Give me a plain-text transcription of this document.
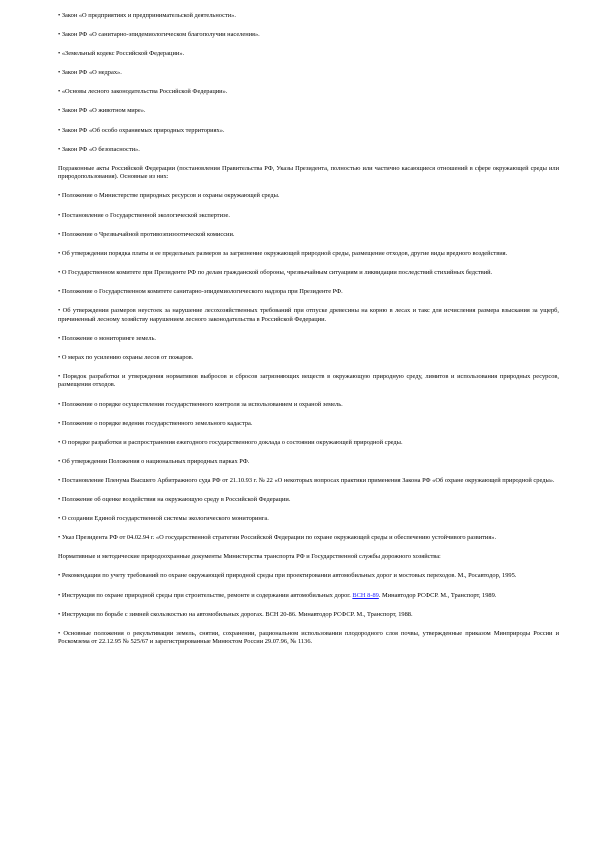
• Закон «О предприятиях и предпринимательской деятельности».

• Закон РФ «О санитарно-эпидемиологическом благополучии населения».

• «Земельный кодекс Российской Федерации».

• Закон РФ «О недрах».

• «Основы лесного законодательства Российской Федерации».

• Закон РФ «О животном мире».

• Закон РФ «Об особо охраняемых природных территориях».

• Закон РФ «О безопасности».

Подзаконные акты Российской Федерации (постановления Правительства РФ, Указы Президента, полностью или частично касающиеся отношений в сфере окружающей среды или природопользования). Основные из них:

• Положение о Министерстве природных ресурсов и охраны окружающей среды.

• Постановление о Государственной экологической экспертизе.

• Положение о Чрезвычайной противоэпизоотической комиссии.

• Об утверждении порядка платы и ее предельных размеров за загрязнение окружающей природной среды, размещение отходов, другие виды вредного воздействия.

• О Государственном комитете при Президенте РФ по делам гражданской обороны, чрезвычайным ситуациям и ликвидации последствий стихийных бедствий.

• Положение о Государственном комитете санитарно-эпидемиологического надзора при Президенте РФ.

• Об утверждении размеров неустоек за нарушение лесохозяйственных требований при отпуске древесины на корню в лесах и такс для исчисления размера взыскания за ущерб, причиненный лесному хозяйству нарушением лесного законодательства в Российской Федерации.

• Положение о мониторинге земель.

• О мерах по усилению охраны лесов от пожаров.

• Порядок разработки и утверждения нормативов выбросов и сбросов загрязняющих веществ в окружающую природную среду, лимитов и использования природных ресурсов, размещения отходов.

• Положение о порядке осуществления государственного контроля за использованием и охраной земель.

• Положение о порядке ведения государственного земельного кадастра.

• О порядке разработки и распространения ежегодного государственного доклада о состоянии окружающей природной среды.

• Об утверждении Положения о национальных природных парках РФ.

• Постановление Пленума Высшего Арбитражного суда РФ от 21.10.93 г. № 22 «О некоторых вопросах практики применения Закона РФ «Об охране окружающей природной среды».

• Положение об оценке воздействия на окружающую среду в Российской Федерации.

• О создании Единой государственной системы экологического мониторинга.

• Указ Президента РФ от 04.02.94 г. «О государственной стратегии Российской Федерации по охране окружающей среды и обеспечению устойчивого развития».

Нормативные и методические природоохранные документы Министерства транспорта РФ и Государственной службы дорожного хозяйства:

• Рекомендации по учету требований по охране окружающей природной среды при проектировании автомобильных дорог и мостовых переходов. М., Росавтодор, 1995.

• Инструкция по охране природной среды при строительстве, ремонте и содержании автомобильных дорог. ВСН 8-89. Минавтодор РСФСР. М., Транспорт, 1989.

• Инструкция по борьбе с зимней скользкостью на автомобильных дорогах. ВСН 20-86. Минавтодор РСФСР. М., Транспорт, 1988.

• Основные положения о рекультивации земель, снятии, сохранении, рациональном использовании плодородного слоя почвы, утвержденные приказом Минприроды России и Роскомзема от 22.12.95 № 525/67 и зарегистрированные Минюстом России 29.07.96, № 1136.
